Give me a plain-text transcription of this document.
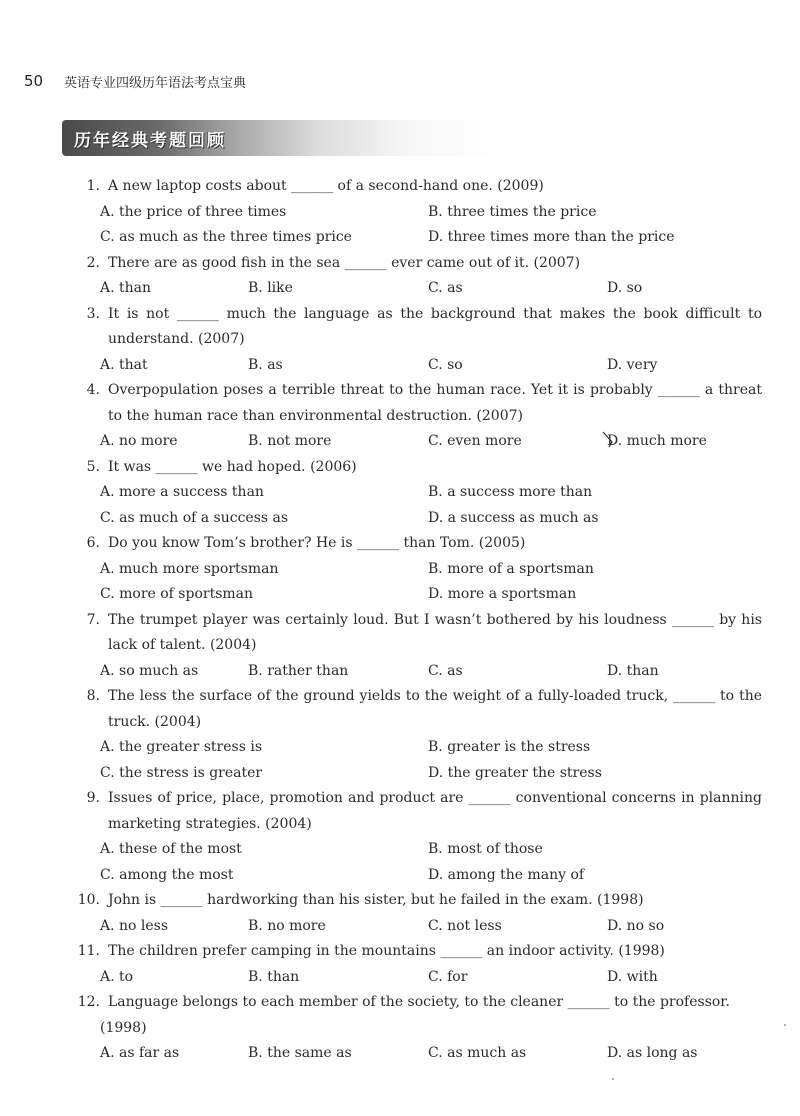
50	英语专业四级历年语法考点宝典
历年经典考题回顾
1. A new laptop costs about ______ of a second-hand one. (2009)
A. the price of three times	B. three times the price
C. as much as the three times price	D. three times more than the price
2. There are as good fish in the sea ______ ever came out of it. (2007)
A. than	B. like	C. as	D. so
3. It is not ______ much the language as the background that makes the book difficult to understand. (2007)
A. that	B. as	C. so	D. very
4. Overpopulation poses a terrible threat to the human race. Yet it is probably ______ a threat to the human race than environmental destruction. (2007)
A. no more	B. not more	C. even more	D. much more
5. It was ______ we had hoped. (2006)
A. more a success than	B. a success more than
C. as much of a success as	D. a success as much as
6. Do you know Tom’s brother? He is ______ than Tom. (2005)
A. much more sportsman	B. more of a sportsman
C. more of sportsman	D. more a sportsman
7. The trumpet player was certainly loud. But I wasn’t bothered by his loudness ______ by his lack of talent. (2004)
A. so much as	B. rather than	C. as	D. than
8. The less the surface of the ground yields to the weight of a fully-loaded truck, ______ to the truck. (2004)
A. the greater stress is	B. greater is the stress
C. the stress is greater	D. the greater the stress
9. Issues of price, place, promotion and product are ______ conventional concerns in planning marketing strategies. (2004)
A. these of the most	B. most of those
C. among the most	D. among the many of
10. John is ______ hardworking than his sister, but he failed in the exam. (1998)
A. no less	B. no more	C. not less	D. no so
11. The children prefer camping in the mountains ______ an indoor activity. (1998)
A. to	B. than	C. for	D. with
12. Language belongs to each member of the society, to the cleaner ______ to the professor. (1998)
A. as far as	B. the same as	C. as much as	D. as long as
